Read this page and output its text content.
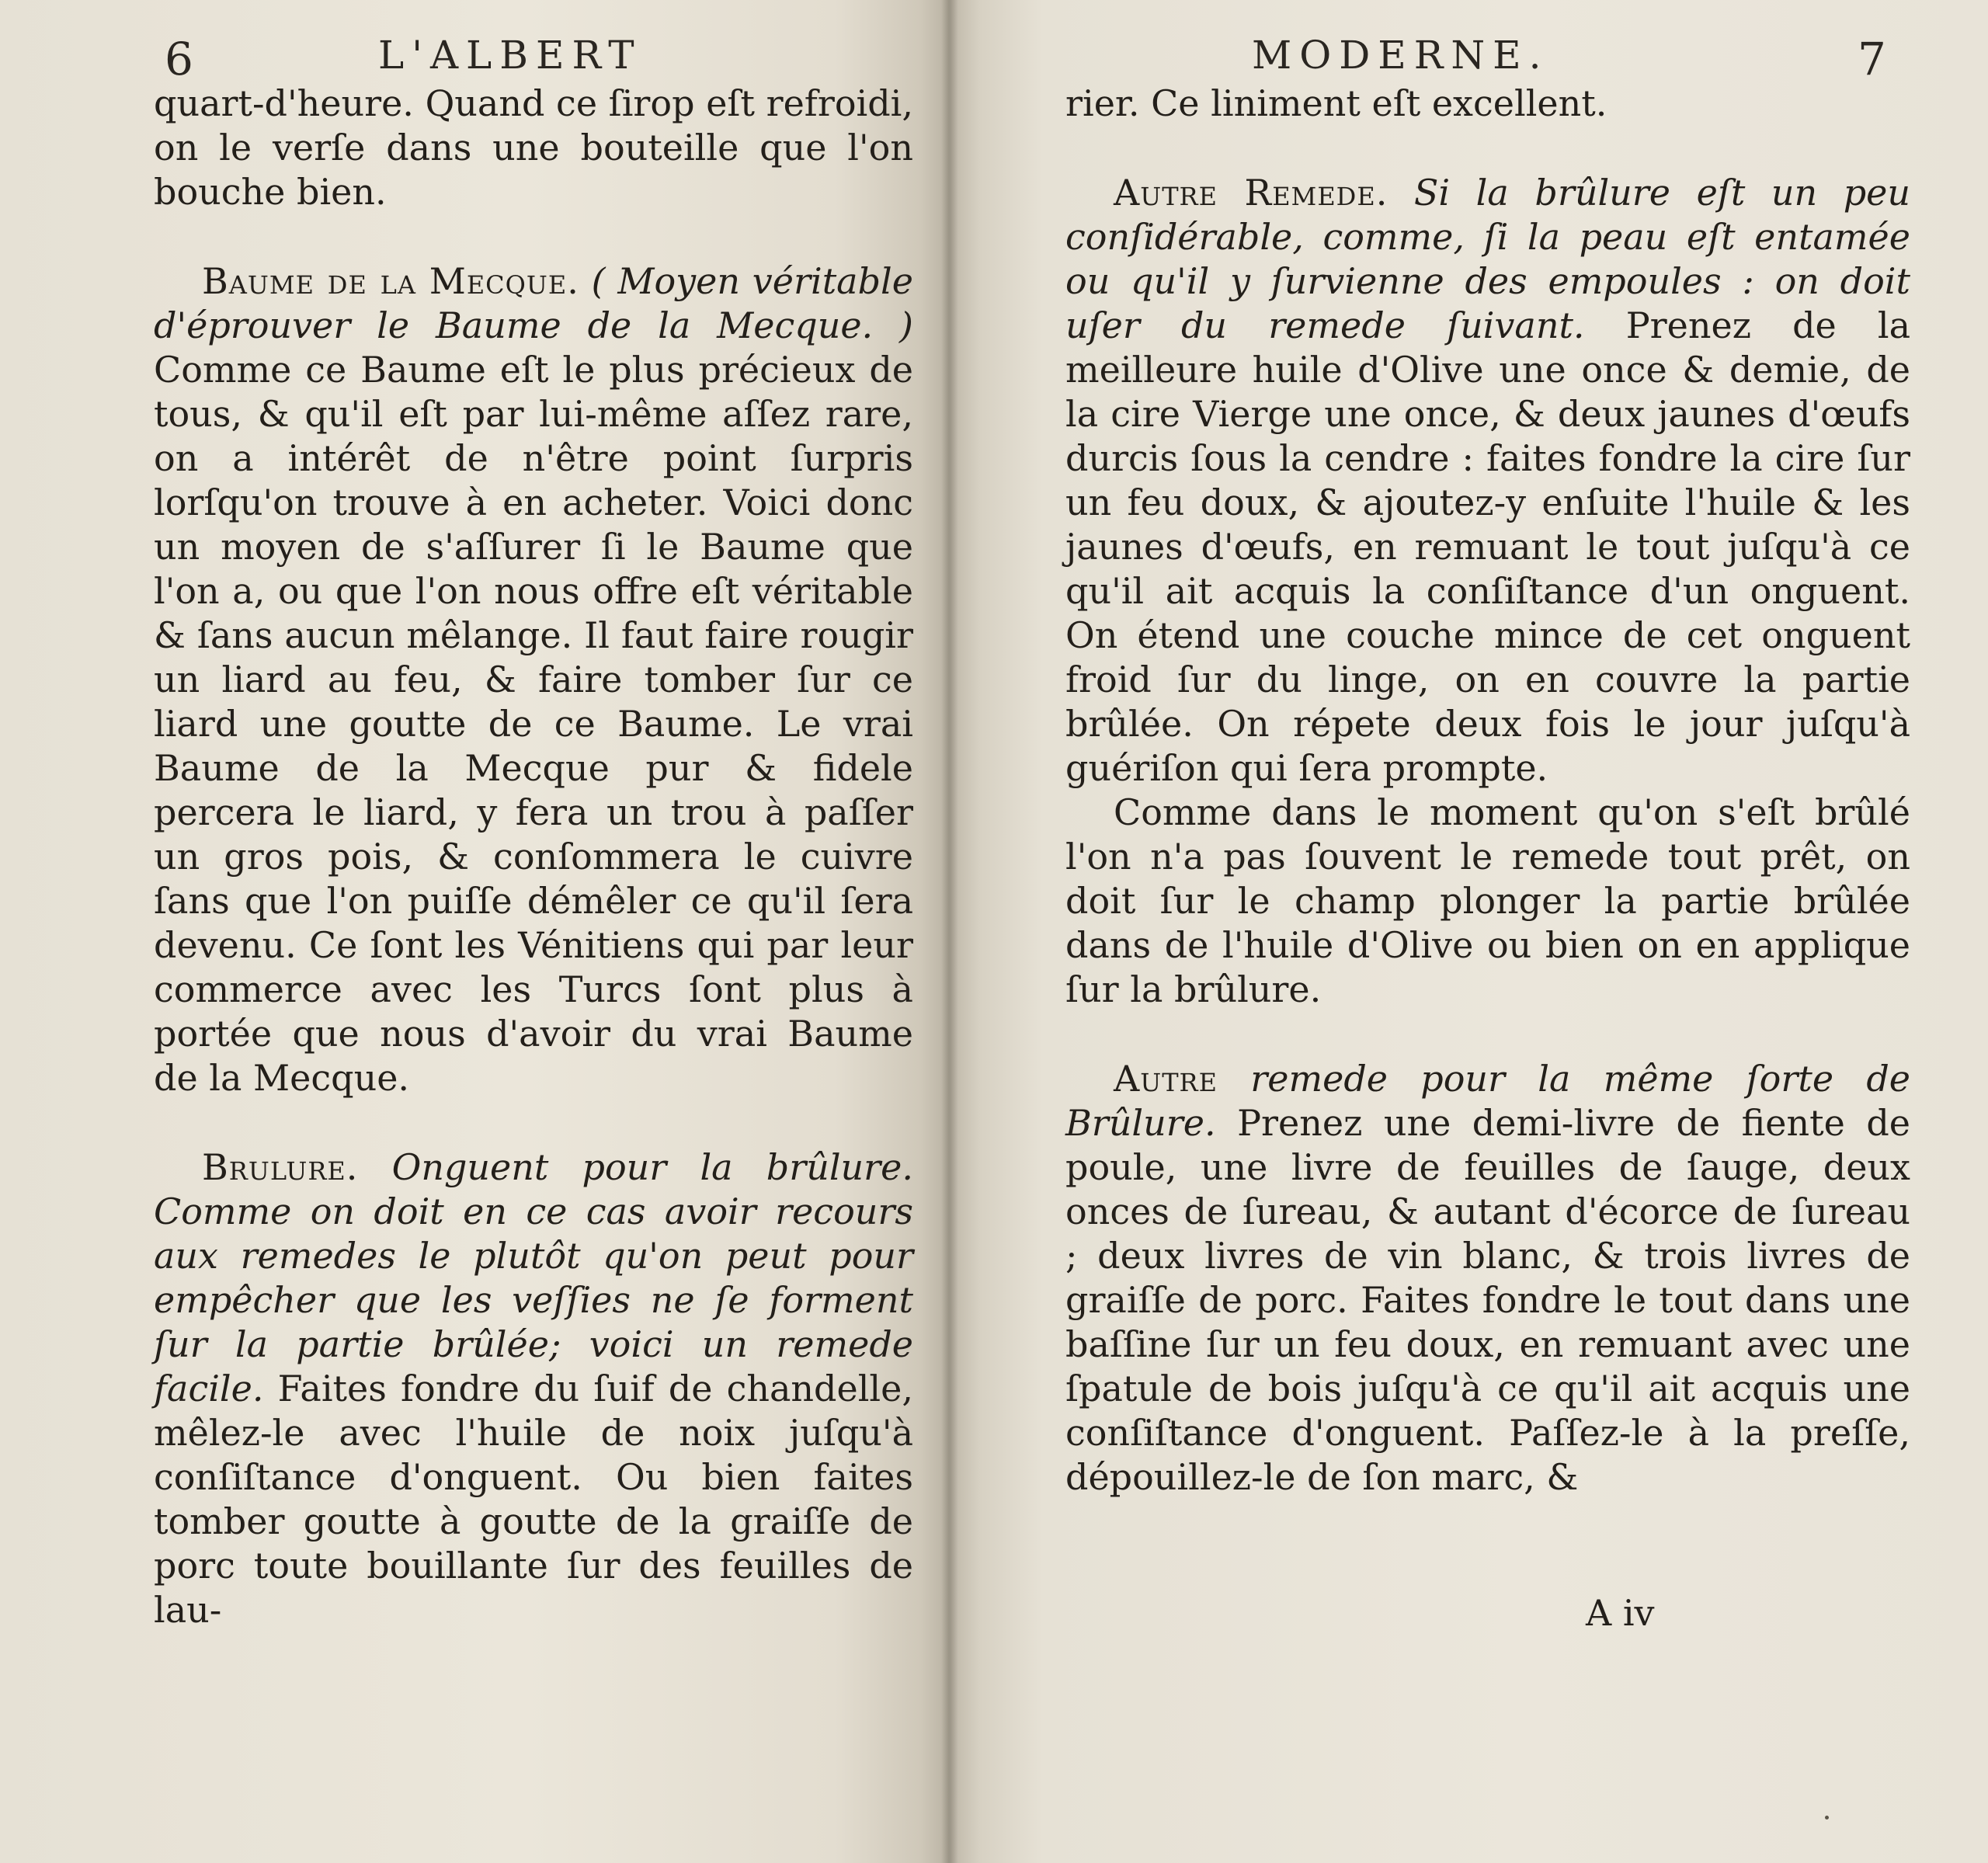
6	L'ALBERT

quart-d'heure. Quand ce ſirop eſt refroidi, on le verſe dans une bouteille que l'on bouche bien.

Baume de la Mecque. ( Moyen véritable d'éprouver le Baume de la Mecque. ) Comme ce Baume eſt le plus précieux de tous, & qu'il eſt par lui-même aſſez rare, on a intérêt de n'être point ſurpris lorſqu'on trouve à en acheter. Voici donc un moyen de s'aſſurer ſi le Baume que l'on a, ou que l'on nous offre eſt véritable & ſans aucun mêlange. Il faut faire rougir un liard au feu, & faire tomber ſur ce liard une goutte de ce Baume. Le vrai Baume de la Mecque pur & fidele percera le liard, y fera un trou à paſſer un gros pois, & conſommera le cuivre ſans que l'on puiſſe démêler ce qu'il ſera devenu. Ce ſont les Vénitiens qui par leur commerce avec les Turcs ſont plus à portée que nous d'avoir du vrai Baume de la Mecque.

Brulure. Onguent pour la brûlure. Comme on doit en ce cas avoir recours aux remedes le plutôt qu'on peut pour empêcher que les veſſies ne ſe forment ſur la partie brûlée; voici un remede facile. Faites fondre du ſuif de chandelle, mêlez-le avec l'huile de noix juſqu'à conſiſtance d'onguent. Ou bien faites tomber goutte à goutte de la graiſſe de porc toute bouillante ſur des feuilles de lau-

MODERNE.	7

rier. Ce liniment eſt excellent.

Autre Remede. Si la brûlure eſt un peu conſidérable, comme, ſi la peau eſt entamée ou qu'il y ſurvienne des empoules : on doit uſer du remede ſuivant. Prenez de la meilleure huile d'Olive une once & demie, de la cire Vierge une once, & deux jaunes d'œufs durcis ſous la cendre : faites fondre la cire ſur un feu doux, & ajoutez-y enſuite l'huile & les jaunes d'œufs, en remuant le tout juſqu'à ce qu'il ait acquis la conſiſtance d'un onguent. On étend une couche mince de cet onguent froid ſur du linge, on en couvre la partie brûlée. On répete deux fois le jour juſqu'à guériſon qui ſera prompte.

Comme dans le moment qu'on s'eſt brûlé l'on n'a pas ſouvent le remede tout prêt, on doit ſur le champ plonger la partie brûlée dans de l'huile d'Olive ou bien on en applique ſur la brûlure.

Autre remede pour la même ſorte de Brûlure. Prenez une demi-livre de fiente de poule, une livre de feuilles de ſauge, deux onces de ſureau, & autant d'écorce de ſureau ; deux livres de vin blanc, & trois livres de graiſſe de porc. Faites fondre le tout dans une baſſine ſur un feu doux, en remuant avec une ſpatule de bois juſqu'à ce qu'il ait acquis une conſiſtance d'onguent. Paſſez-le à la preſſe, dépouillez-le de ſon marc, &

A iv
